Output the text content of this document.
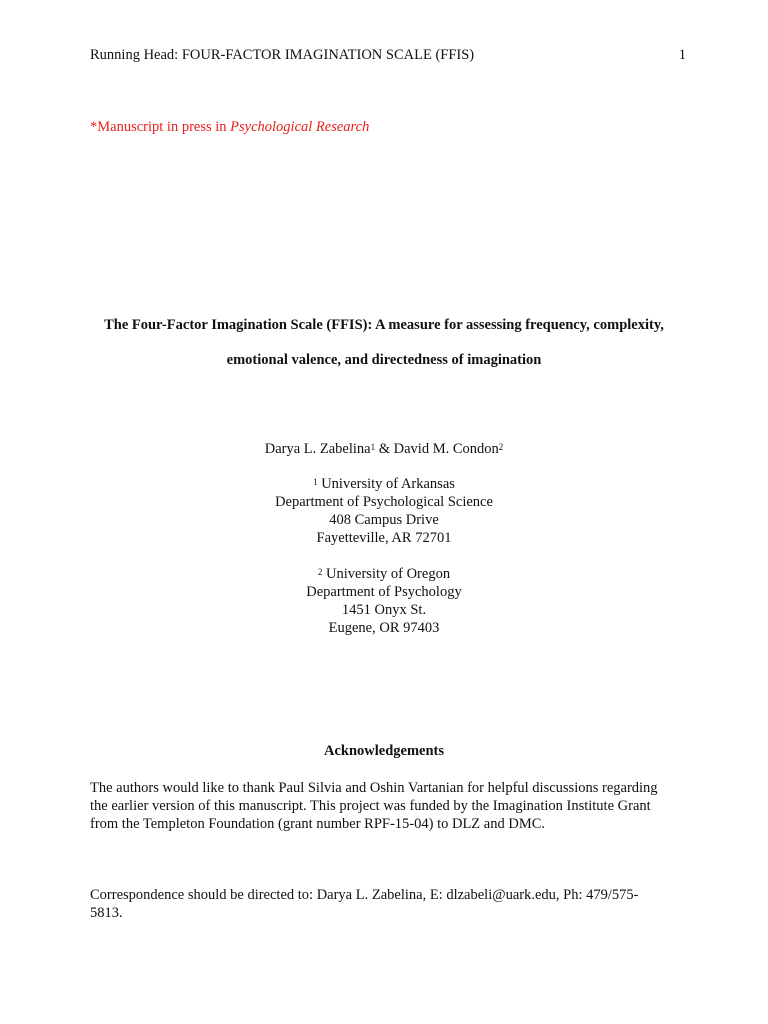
Running Head: FOUR-FACTOR IMAGINATION SCALE (FFIS)	1
*Manuscript in press in Psychological Research
The Four-Factor Imagination Scale (FFIS): A measure for assessing frequency, complexity,
emotional valence, and directedness of imagination
Darya L. Zabelina$^1$ & David M. Condon$^2$
$^1$ University of Arkansas
Department of Psychological Science
408 Campus Drive
Fayetteville, AR 72701
$^2$ University of Oregon
Department of Psychology
1451 Onyx St.
Eugene, OR 97403
Acknowledgements
The authors would like to thank Paul Silvia and Oshin Vartanian for helpful discussions regarding
the earlier version of this manuscript. This project was funded by the Imagination Institute Grant
from the Templeton Foundation (grant number RPF-15-04) to DLZ and DMC.
Correspondence should be directed to: Darya L. Zabelina, E: dlzabeli@uark.edu, Ph: 479/575-
5813.
